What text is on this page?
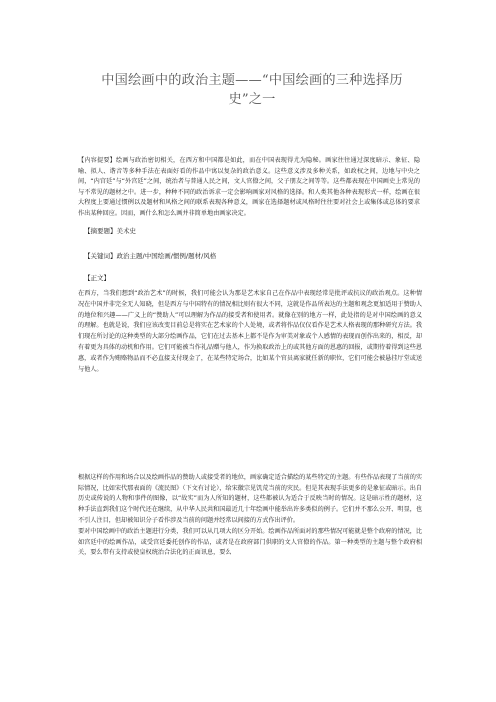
中国绘画中的政治主题——“中国绘画的三种选择历史”之一
【内容提要】绘画与政治密切相关，在西方和中国都是如此，而在中国表现得尤为隐秘。画家往往通过深度暗示、象征、隐喻、拟人、谐音等多种手法在表面好看的作品中寓以复杂的政治意义。这些意义涉及多种关系，如政权之间，边地与中央之间，“内宫廷”与“外宫廷”之间，统治者与普通人民之间，文人官僚之间，父子朋友之间等等。这些都表现在中国画史上常见的与不常见的题材之中。进一步，种种不同的政治诉求一定会影响画家对风格的选择。和人类其他各种表现形式一样，绘画在很大程度上要通过惯例以及题材和风格之间的联系表现各种意义，画家在选择题材或风格时往往要对社会上或集体或总体的要求作出某种回应。因而，画什么和怎么画并非简单地由画家决定。
【摘要题】美术史
【关键词】政治主题/中国绘画/惯例/题材/风格
【正文】

在西方，当我们想到“政治艺术”的时候，我们可能会认为那是艺术家自己在作品中表现经常是批评或抗议的政治观点。这种情况在中国并非完全无人知晓，但是西方与中国特有的情况相比则有很大不同，这就是作品所表达的主题和观念更加适用于赞助人的地位和兴趣——广义上的“赞助人”可以理解为作品的接受者和使用者。就像在别的地方一样，此处指的是对中国绘画的意义的理解。也就是说，我们应该改变目前总是将实在艺术家的个人处境，或者将作品仅仅看作是艺术人格表现的那种研究方法。我们现在所讨论的这种类型的大部分绘画作品，它们在过去基本上都不是作为审美对象或个人感情的表现而创作出来的，相反，却有着更为具体的动机和作用。它们可能被当作礼品赠与他人，作为换取政治上的或其他方面的恩惠的回报，或期待着得到这些恩惠，或者作为贿赂物品而不必直接支付现金了，在某些特定场合，比如某个官员离家就任新的职位，它们可能会被悬挂厅堂或送与他人。

根据这样的作用和场合以及绘画作品的赞助人或接受者的地位，画家确定适合描绘的某些特定的主题。有些作品表现了当前的实际情况，比如宋代那表面的《流民图》（下文有讨论），给宋徽宗见饥荒当前的灾民。但是其表现手法更多的是象征或暗示。出自历史或传说的人物和事件的图像，以“故实”而为人所知的题材，这些都被认为适合于反映当时的情况。这是暗示性的题材，这种手法直到我们这个时代还在继续，从中华人民共和国最近几十年绘画中能举出许多类似的例子。它们并不那么公开、明显，也不引人注目，但却被知识分子看作涉及当前的问题并经常以间接的方式作出评价。
要对中国绘画中的政治主题进行分类，我们可以从几项大的区分开始。绘画作品所面对的那些情况可能就是整个政府的情况，比如宫廷中的绘画作品，或受宫廷委托创作的作品，或者是在政府部门供职的文人官僚的作品。第一种类型的主题与整个政府相关，要么带有支持或使皇权统治合法化的正面讯息，要么
